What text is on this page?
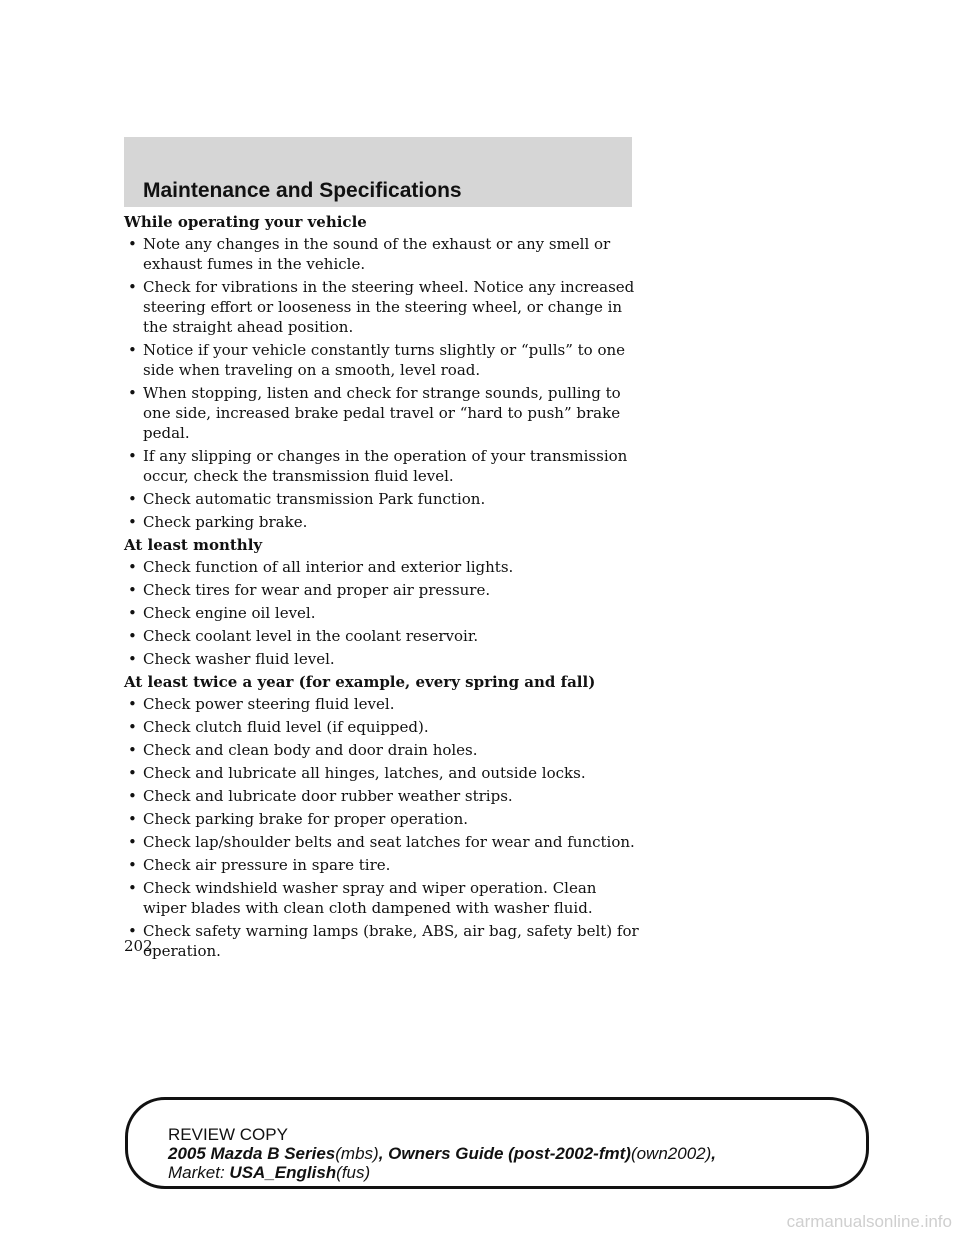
Maintenance and Specifications
While operating your vehicle
• Note any changes in the sound of the exhaust or any smell or exhaust fumes in the vehicle.
• Check for vibrations in the steering wheel. Notice any increased steering effort or looseness in the steering wheel, or change in the straight ahead position.
• Notice if your vehicle constantly turns slightly or “pulls” to one side when traveling on a smooth, level road.
• When stopping, listen and check for strange sounds, pulling to one side, increased brake pedal travel or “hard to push” brake pedal.
• If any slipping or changes in the operation of your transmission occur, check the transmission fluid level.
• Check automatic transmission Park function.
• Check parking brake.
At least monthly
• Check function of all interior and exterior lights.
• Check tires for wear and proper air pressure.
• Check engine oil level.
• Check coolant level in the coolant reservoir.
• Check washer fluid level.
At least twice a year (for example, every spring and fall)
• Check power steering fluid level.
• Check clutch fluid level (if equipped).
• Check and clean body and door drain holes.
• Check and lubricate all hinges, latches, and outside locks.
• Check and lubricate door rubber weather strips.
• Check parking brake for proper operation.
• Check lap/shoulder belts and seat latches for wear and function.
• Check air pressure in spare tire.
• Check windshield washer spray and wiper operation. Clean wiper blades with clean cloth dampened with washer fluid.
• Check safety warning lamps (brake, ABS, air bag, safety belt) for operation.
202
REVIEW COPY
2005 Mazda B Series(mbs), Owners Guide (post-2002-fmt)(own2002),
Market: USA_English(fus)
carmanualsonline.info
